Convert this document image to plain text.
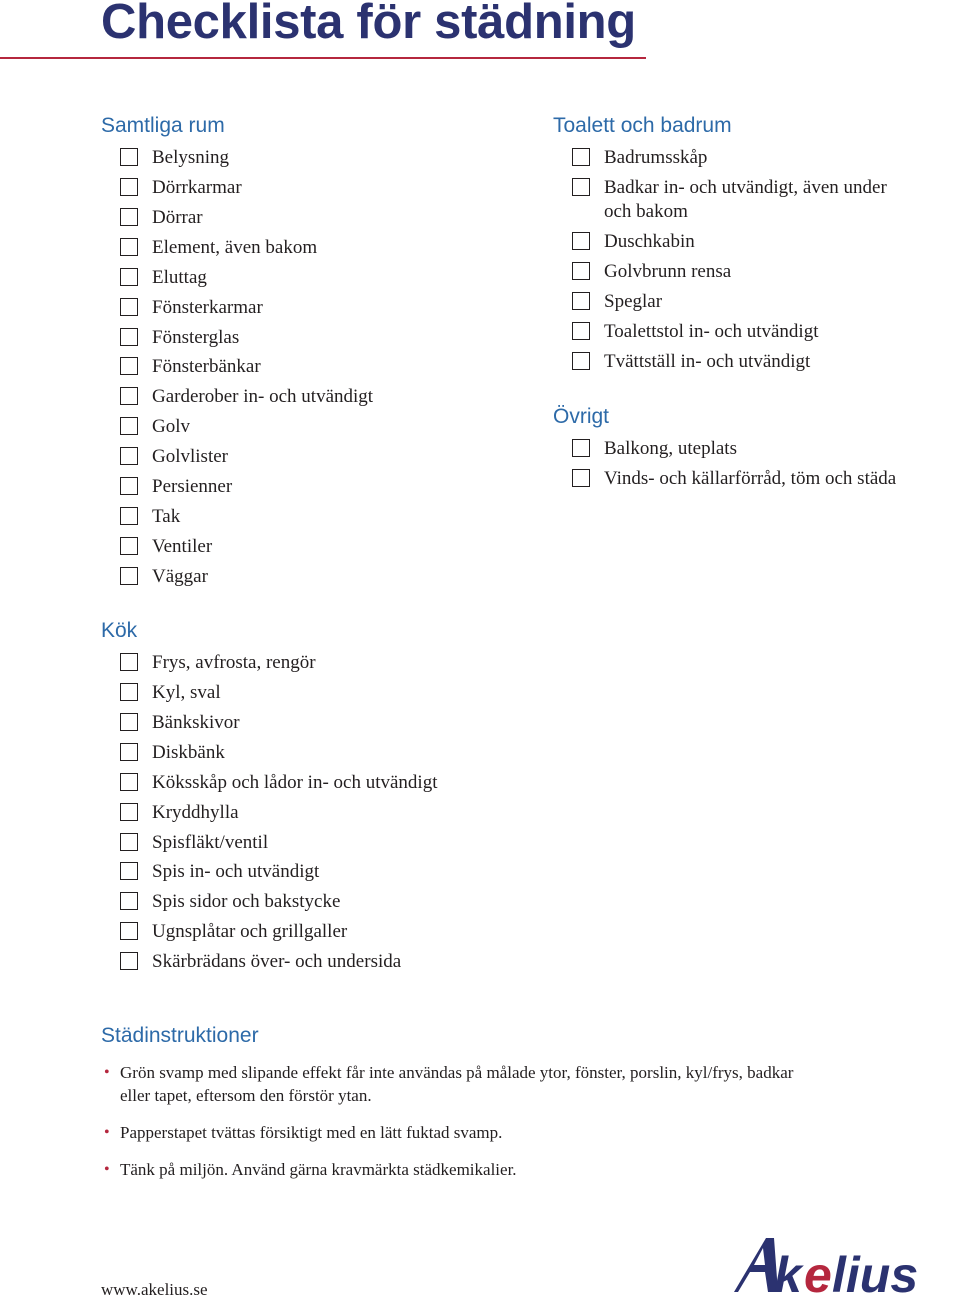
Checklista för städning
Samtliga rum
Belysning
Dörrkarmar
Dörrar
Element, även bakom
Eluttag
Fönsterkarmar
Fönsterglas
Fönsterbänkar
Garderober in- och utvändigt
Golv
Golvlister
Persienner
Tak
Ventiler
Väggar
Toalett och badrum
Badrumsskåp
Badkar in- och utvändigt, även under
och bakom
Duschkabin
Golvbrunn rensa
Speglar
Toalettstol in- och utvändigt
Tvättställ in- och utvändigt
Övrigt
Balkong, uteplats
Vinds- och källarförråd, töm och städa
Kök
Frys, avfrosta, rengör
Kyl, sval
Bänkskivor
Diskbänk
Köksskåp och lådor in- och utvändigt
Kryddhylla
Spisfläkt/ventil
Spis in- och utvändigt
Spis sidor och bakstycke
Ugnsplåtar och grillgaller
Skärbrädans över- och undersida
Städinstruktioner
• Grön svamp med slipande effekt får inte användas på målade ytor, fönster, porslin, kyl/frys, badkar
eller tapet, eftersom den förstör ytan.
• Papperstapet tvättas försiktigt med en lätt fuktad svamp.
• Tänk på miljön. Använd gärna kravmärkta städkemikalier.
www.akelius.se	k e lius
